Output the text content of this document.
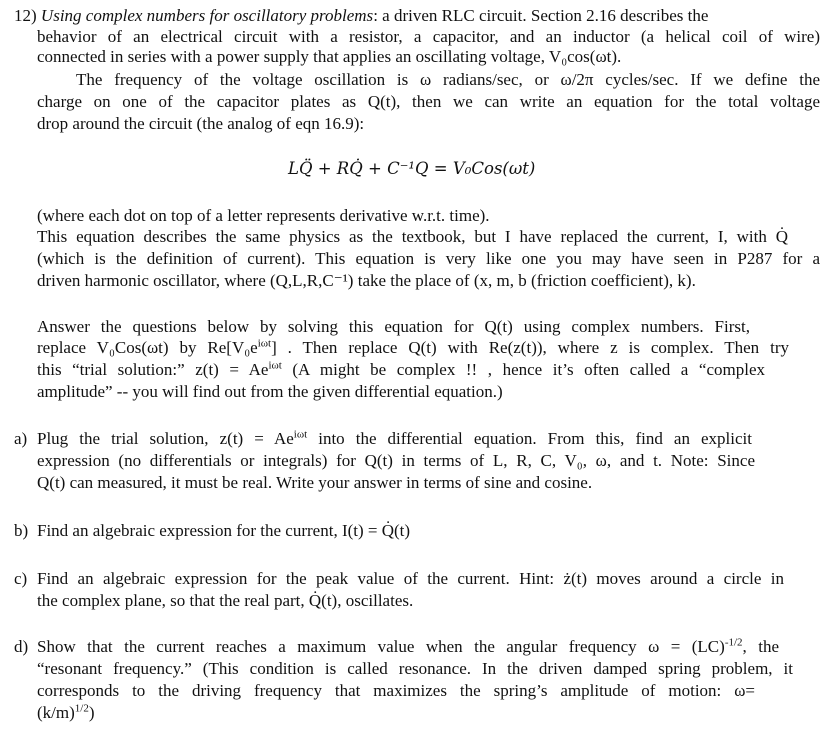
12) Using complex numbers for oscillatory problems: a driven RLC circuit. Section 2.16 describes the
behavior of an electrical circuit with a resistor, a capacitor, and an inductor (a helical coil of wire)
connected in series with a power supply that applies an oscillating voltage, V₀cos(ωt).
The frequency of the voltage oscillation is ω radians/sec, or ω/2π cycles/sec. If we define the
charge on one of the capacitor plates as Q(t), then we can write an equation for the total voltage
drop around the circuit (the analog of eqn 16.9):
LQ̈ + RQ̇ + C⁻¹Q = V₀Cos(ωt)
(where each dot on top of a letter represents derivative w.r.t. time).
This equation describes the same physics as the textbook, but I have replaced the current, I, with Q̇
(which is the definition of current). This equation is very like one you may have seen in P287 for a
driven harmonic oscillator, where (Q,L,R,C⁻¹) take the place of (x, m, b (friction coefficient), k).
Answer the questions below by solving this equation for Q(t) using complex numbers. First,
replace V₀Cos(ωt) by $Re[V_0e^{i\omega t}]$ . Then replace Q(t) with Re(z(t)), where z is complex. Then try
this “trial solution:” $z(t) = Ae^{i\omega t}$ (A might be complex !! , hence it’s often called a “complex
amplitude” -- you will find out from the given differential equation.)
a) Plug the trial solution, $z(t) = Ae^{i\omega t}$ into the differential equation. From this, find an explicit
expression (no differentials or integrals) for Q(t) in terms of L, R, C, V₀, ω, and t. Note: Since
Q(t) can measured, it must be real. Write your answer in terms of sine and cosine.
b) Find an algebraic expression for the current, I(t) = Q̇(t)
c) Find an algebraic expression for the peak value of the current. Hint: ż(t) moves around a circle in
the complex plane, so that the real part, Q̇(t), oscillates.
d) Show that the current reaches a maximum value when the angular frequency ω = (LC)$^{-1/2}$, the
“resonant frequency.” (This condition is called resonance. In the driven damped spring problem, it
corresponds to the driving frequency that maximizes the spring’s amplitude of motion: ω=
$(k/m)^{1/2}$)
